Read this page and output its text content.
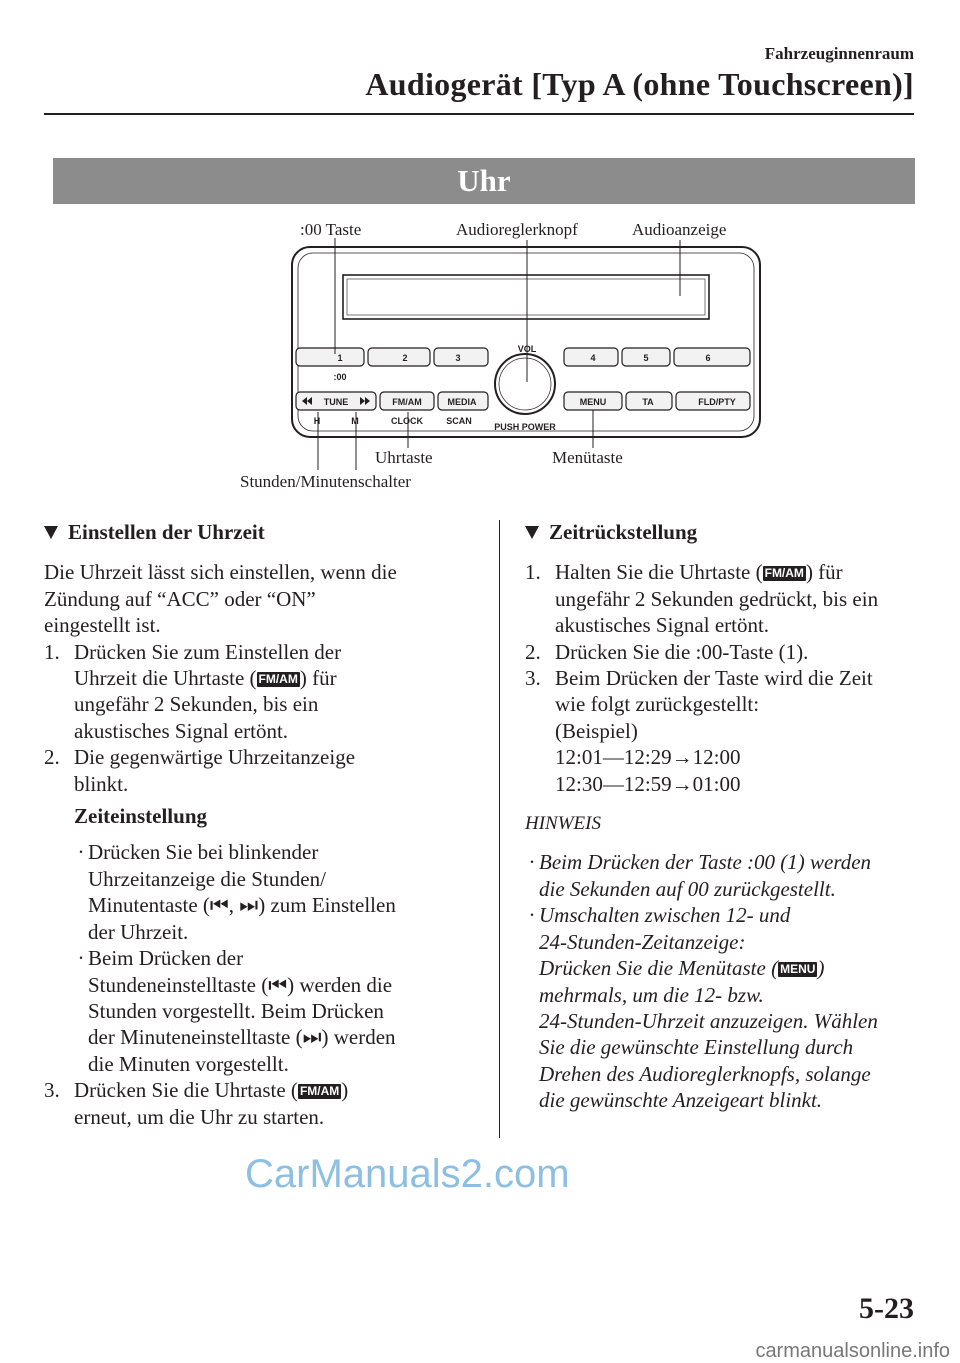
Fahrzeuginnenraum
Audiogerät [Typ A (ohne Touchscreen)]
Uhr
:00 Taste	Audioreglerknopf	Audioanzeige
Uhrtaste	Menütaste
Stunden/Minutenschalter
1	2	3	4	5	6
:00
VOL
TUNE	FM/AM	MEDIA	MENU	TA	FLD/PTY
H	M	CLOCK	SCAN
PUSH POWER
Einstellen der Uhrzeit

Die Uhrzeit lässt sich einstellen, wenn die

Zündung auf “ACC” oder “ON”

eingestellt ist.

1. Drücken Sie zum Einstellen der
Uhrzeit die Uhrtaste ( FM/AM) für
ungefähr 2 Sekunden, bis ein
akustisches Signal ertönt.
2. Die gegenwärtige Uhrzeitanzeige
blinkt.

Zeiteinstellung

· Drücken Sie bei blinkender
Uhrzeitanzeige die Stunden/
Minutentaste (⏮, ⏭) zum Einstellen
der Uhrzeit.
· Beim Drücken der
Stundeneinstelltaste (⏮) werden die
Stunden vorgestellt. Beim Drücken
der Minuteneinstelltaste (⏭) werden
die Minuten vorgestellt.
3. Drücken Sie die Uhrtaste ( FM/AM)
erneut, um die Uhr zu starten.
Zeitrückstellung
1. Halten Sie die Uhrtaste ( FM/AM) für
ungefähr 2 Sekunden gedrückt, bis ein
akustisches Signal ertönt.
2. Drücken Sie die :00-Taste (1).
3. Beim Drücken der Taste wird die Zeit
wie folgt zurückgestellt:
(Beispiel)
12:01―12:29→12:00
12:30―12:59→01:00

HINWEIS

· Beim Drücken der Taste :00 (1) werden
die Sekunden auf 00 zurückgestellt.
· Umschalten zwischen 12- und
24-Stunden-Zeitanzeige:
Drücken Sie die Menütaste ( MENU)
mehrmals, um die 12- bzw.
24-Stunden-Uhrzeit anzuzeigen. Wählen
Sie die gewünschte Einstellung durch
Drehen des Audioreglerknopfs, solange
die gewünschte Anzeigeart blinkt.
CarManuals2.com
5-23
carmanualsonline.info
